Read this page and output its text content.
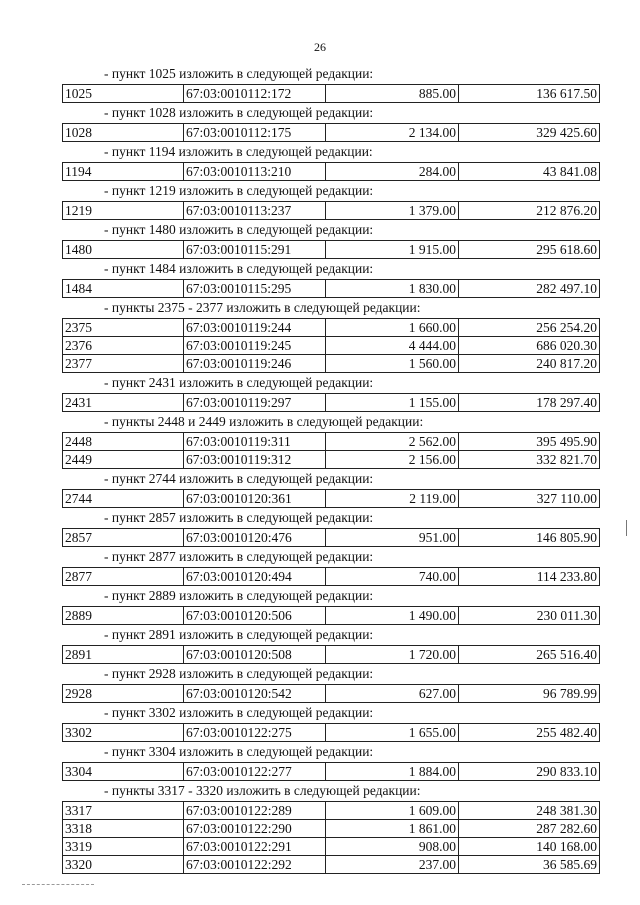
26
- пункт 1025 изложить в следующей редакции:
1025	67:03:0010112:172	885.00	136 617.50
- пункт 1028 изложить в следующей редакции:
1028	67:03:0010112:175	2 134.00	329 425.60
- пункт 1194 изложить в следующей редакции:
1194	67:03:0010113:210	284.00	43 841.08
- пункт 1219 изложить в следующей редакции:
1219	67:03:0010113:237	1 379.00	212 876.20
- пункт 1480 изложить в следующей редакции:
1480	67:03:0010115:291	1 915.00	295 618.60
- пункт 1484 изложить в следующей редакции:
1484	67:03:0010115:295	1 830.00	282 497.10
- пункты 2375 - 2377 изложить в следующей редакции:
2375	67:03:0010119:244	1 660.00	256 254.20
2376	67:03:0010119:245	4 444.00	686 020.30
2377	67:03:0010119:246	1 560.00	240 817.20
- пункт 2431 изложить в следующей редакции:
2431	67:03:0010119:297	1 155.00	178 297.40
- пункты 2448 и 2449 изложить в следующей редакции:
2448	67:03:0010119:311	2 562.00	395 495.90
2449	67:03:0010119:312	2 156.00	332 821.70
- пункт 2744 изложить в следующей редакции:
2744	67:03:0010120:361	2 119.00	327 110.00
- пункт 2857 изложить в следующей редакции:
2857	67:03:0010120:476	951.00	146 805.90
- пункт 2877 изложить в следующей редакции:
2877	67:03:0010120:494	740.00	114 233.80
- пункт 2889 изложить в следующей редакции:
2889	67:03:0010120:506	1 490.00	230 011.30
- пункт 2891 изложить в следующей редакции:
2891	67:03:0010120:508	1 720.00	265 516.40
- пункт 2928 изложить в следующей редакции:
2928	67:03:0010120:542	627.00	96 789.99
- пункт 3302 изложить в следующей редакции:
3302	67:03:0010122:275	1 655.00	255 482.40
- пункт 3304 изложить в следующей редакции:
3304	67:03:0010122:277	1 884.00	290 833.10
- пункты 3317 - 3320 изложить в следующей редакции:
3317	67:03:0010122:289	1 609.00	248 381.30
3318	67:03:0010122:290	1 861.00	287 282.60
3319	67:03:0010122:291	908.00	140 168.00
3320	67:03:0010122:292	237.00	36 585.69
